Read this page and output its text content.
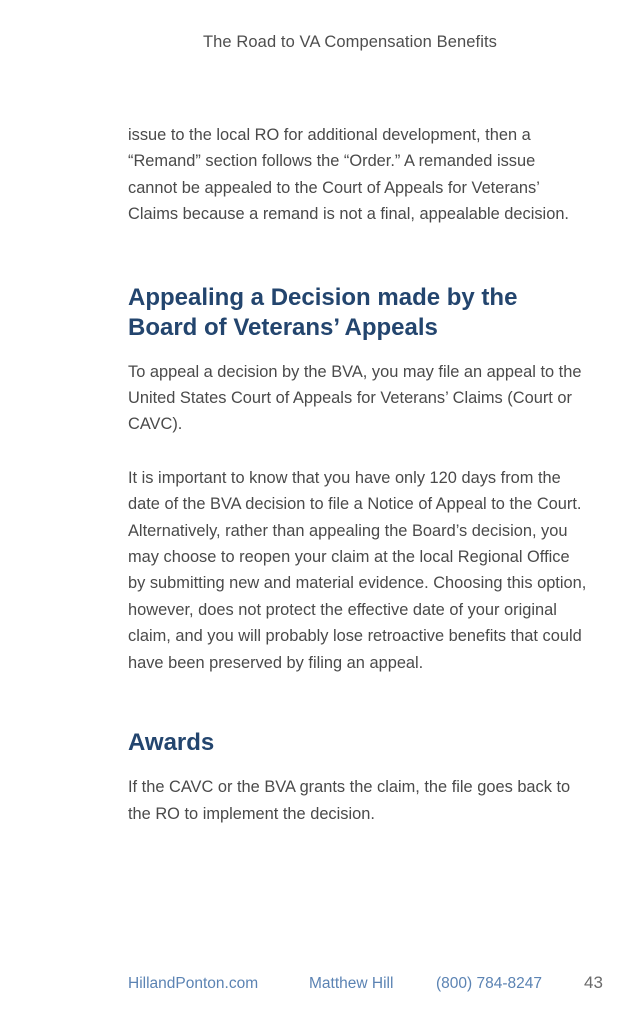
The Road to VA Compensation Benefits

issue to the local RO for additional development, then a “Remand” section follows the “Order.” A remanded issue cannot be appealed to the Court of Appeals for Veterans’ Claims because a remand is not a final, appealable decision.

Appealing a Decision made by the Board of Veterans’ Appeals

To appeal a decision by the BVA, you may file an appeal to the United States Court of Appeals for Veterans’ Claims (Court or CAVC).

It is important to know that you have only 120 days from the date of the BVA decision to file a Notice of Appeal to the Court. Alternatively, rather than appealing the Board’s decision, you may choose to reopen your claim at the local Regional Office by submitting new and material evidence. Choosing this option, however, does not protect the effective date of your original claim, and you will probably lose retroactive benefits that could have been preserved by filing an appeal.

Awards

If the CAVC or the BVA grants the claim, the file goes back to the RO to implement the decision.

HillandPonton.com	Matthew Hill	(800) 784-8247	43
